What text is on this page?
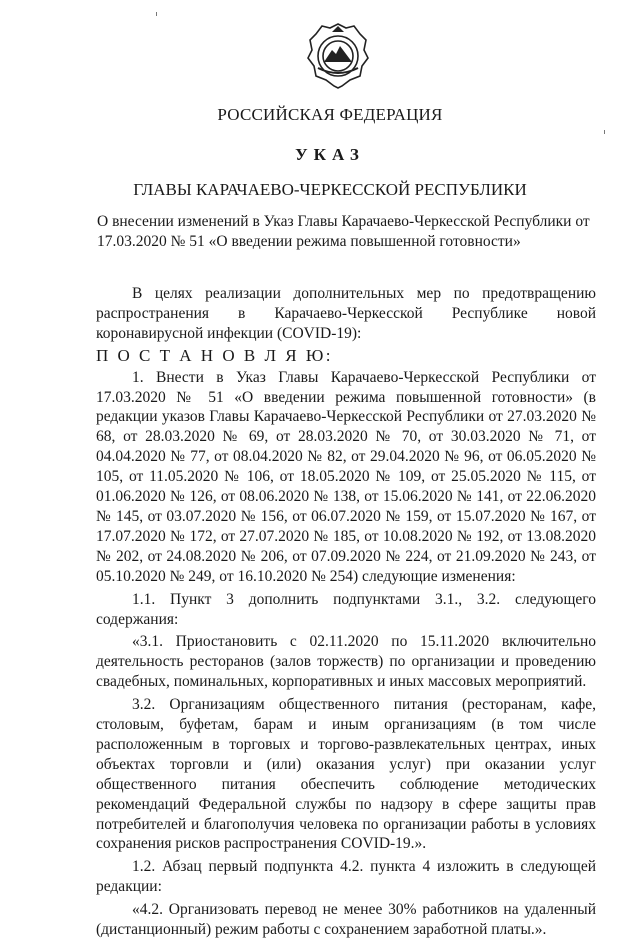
РОССИЙСКАЯ ФЕДЕРАЦИЯ
УКАЗ
ГЛАВЫ КАРАЧАЕВО-ЧЕРКЕССКОЙ РЕСПУБЛИКИ
О внесении изменений в Указ Главы Карачаево-Черкесской Республики от 17.03.2020 № 51 «О введении режима повышенной готовности»

В целях реализации дополнительных мер по предотвращению распространения в Карачаево-Черкесской Республике новой коронавирусной инфекции (COVID-19):

П О С Т А Н О В Л Я Ю:

1. Внести в Указ Главы Карачаево-Черкесской Республики от 17.03.2020 № 51 «О введении режима повышенной готовности» (в редакции указов Главы Карачаево-Черкесской Республики от 27.03.2020 № 68, от 28.03.2020 № 69, от 28.03.2020 № 70, от 30.03.2020 № 71, от 04.04.2020 № 77, от 08.04.2020 № 82, от 29.04.2020 № 96, от 06.05.2020 № 105, от 11.05.2020 № 106, от 18.05.2020 № 109, от 25.05.2020 № 115, от 01.06.2020 № 126, от 08.06.2020 № 138, от 15.06.2020 № 141, от 22.06.2020 № 145, от 03.07.2020 № 156, от 06.07.2020 № 159, от 15.07.2020 № 167, от 17.07.2020 № 172, от 27.07.2020 № 185, от 10.08.2020 № 192, от 13.08.2020 № 202, от 24.08.2020 № 206, от 07.09.2020 № 224, от 21.09.2020 № 243, от 05.10.2020 № 249, от 16.10.2020 № 254) следующие изменения:

1.1. Пункт 3 дополнить подпунктами 3.1., 3.2. следующего содержания:

«3.1. Приостановить с 02.11.2020 по 15.11.2020 включительно деятельность ресторанов (залов торжеств) по организации и проведению свадебных, поминальных, корпоративных и иных массовых мероприятий.

3.2. Организациям общественного питания (ресторанам, кафе, столовым, буфетам, барам и иным организациям (в том числе расположенным в торговых и торгово-развлекательных центрах, иных объектах торговли и (или) оказания услуг) при оказании услуг общественного питания обеспечить соблюдение методических рекомендаций Федеральной службы по надзору в сфере защиты прав потребителей и благополучия человека по организации работы в условиях сохранения рисков распространения COVID-19.».

1.2. Абзац первый подпункта 4.2. пункта 4 изложить в следующей редакции:

«4.2. Организовать перевод не менее 30% работников на удаленный (дистанционный) режим работы с сохранением заработной платы.».
